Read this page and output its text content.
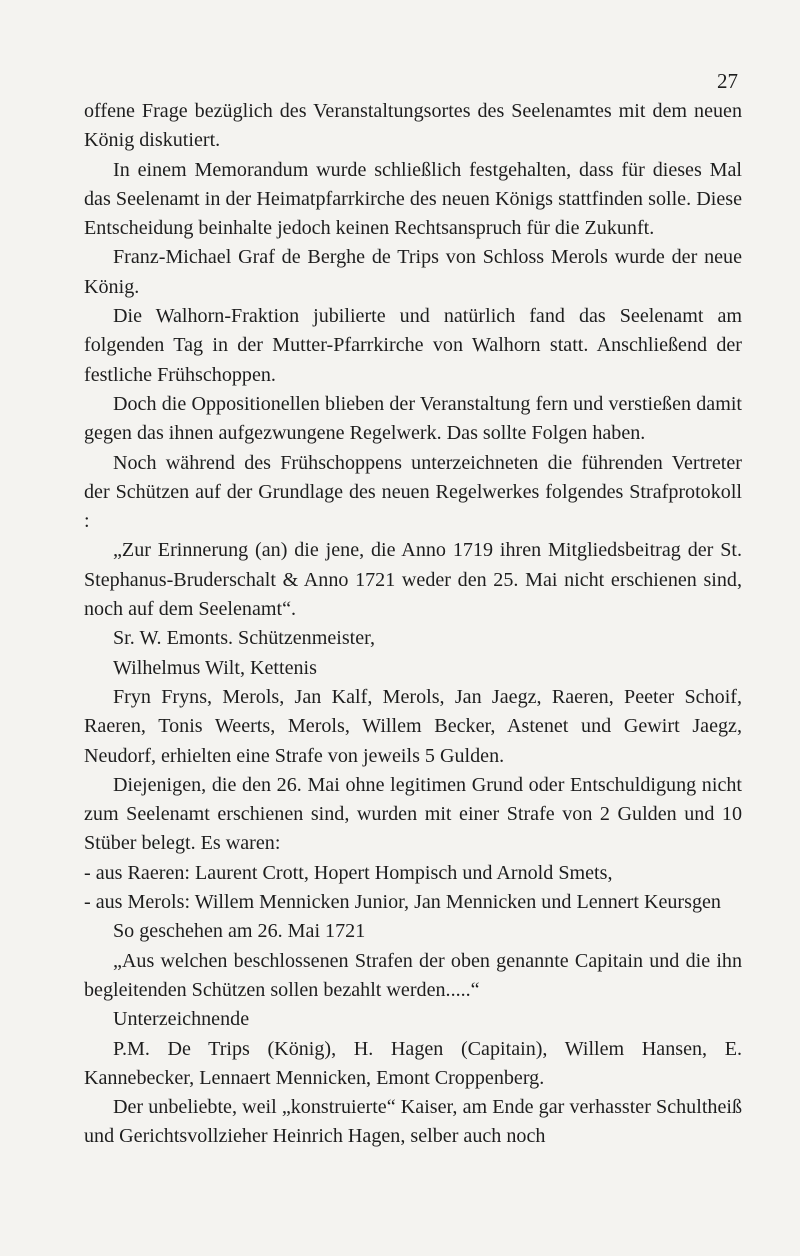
27

offene Frage bezüglich des Veranstaltungsortes des Seelenamtes mit dem neuen König diskutiert.

In einem Memorandum wurde schließlich festgehalten, dass für dieses Mal das Seelenamt in der Heimatpfarrkirche des neuen Königs stattfinden solle. Diese Entscheidung beinhalte jedoch keinen Rechtsanspruch für die Zukunft.

Franz-Michael Graf de Berghe de Trips von Schloss Merols wurde der neue König.

Die Walhorn-Fraktion jubilierte und natürlich fand das Seelenamt am folgenden Tag in der Mutter-Pfarrkirche von Walhorn statt. Anschließend der festliche Frühschoppen.

Doch die Oppositionellen blieben der Veranstaltung fern und verstießen damit gegen das ihnen aufgezwungene Regelwerk. Das sollte Folgen haben.

Noch während des Frühschoppens unterzeichneten die führenden Vertreter der Schützen auf der Grundlage des neuen Regelwerkes folgendes Strafprotokoll :

„Zur Erinnerung (an) die jene, die Anno 1719 ihren Mitgliedsbeitrag der St. Stephanus-Bruderschalt & Anno 1721 weder den 25. Mai nicht erschienen sind, noch auf dem Seelenamt“.

Sr. W. Emonts. Schützenmeister,

Wilhelmus Wilt, Kettenis

Fryn Fryns, Merols, Jan Kalf, Merols, Jan Jaegz, Raeren, Peeter Schoif, Raeren, Tonis Weerts, Merols, Willem Becker, Astenet und Gewirt Jaegz, Neudorf, erhielten eine Strafe von jeweils 5 Gulden.

Diejenigen, die den 26. Mai ohne legitimen Grund oder Entschuldigung nicht zum Seelenamt erschienen sind, wurden mit einer Strafe von 2 Gulden und 10 Stüber belegt. Es waren:

- aus Raeren: Laurent Crott, Hopert Hompisch und Arnold Smets,

- aus Merols: Willem Mennicken Junior, Jan Mennicken und Lennert Keursgen

So geschehen am 26. Mai 1721

„Aus welchen beschlossenen Strafen der oben genannte Capitain und die ihn begleitenden Schützen sollen bezahlt werden.....“

Unterzeichnende

P.M. De Trips (König), H. Hagen (Capitain), Willem Hansen, E. Kannebecker, Lennaert Mennicken, Emont Croppenberg.

Der unbeliebte, weil „konstruierte“ Kaiser, am Ende gar verhasster Schultheiß und Gerichtsvollzieher Heinrich Hagen, selber auch noch
